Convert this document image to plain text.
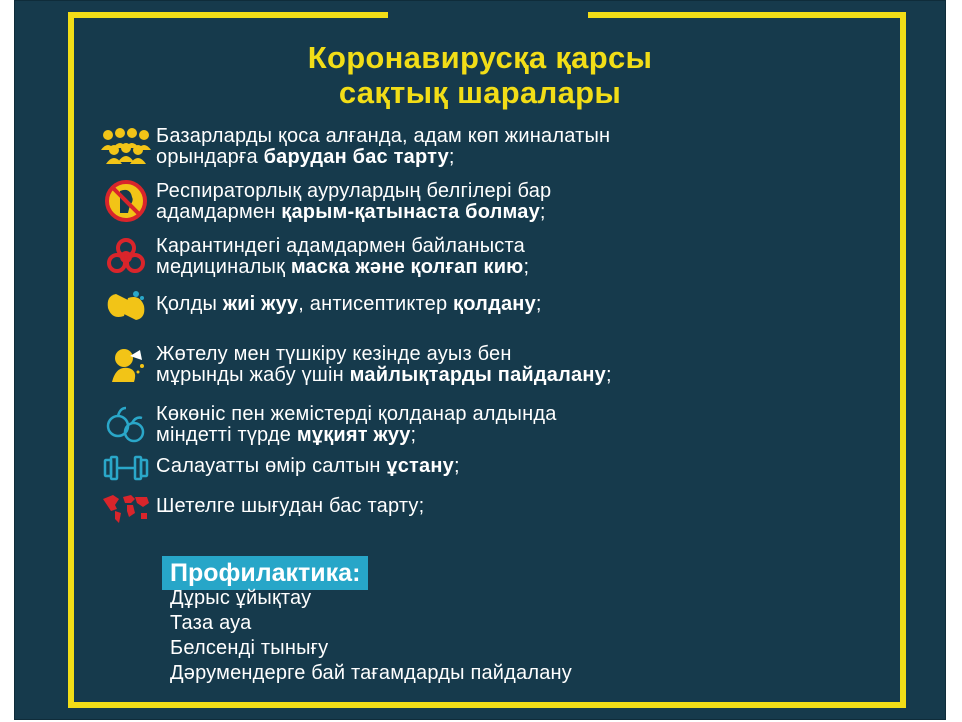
Коронавирусқа қарсы
сақтық шаралары
Базарларды қоса алғанда, адам көп жиналатын
орындарға барудан бас тарту;
Респираторлық аурулардың белгілері бар
адамдармен қарым-қатынаста болмау;
Карантиндегі адамдармен байланыста
медициналық маска және қолғап кию;
Қолды жиі жуу, антисептиктер қолдану;
Жөтелу мен түшкіру кезінде ауыз бен
мұрынды жабу үшін майлықтарды пайдалану;
Көкөніс пен жемістерді қолданар алдында
міндетті түрде мұқият жуу;
Салауатты өмір салтын ұстану;
Шетелге шығудан бас тарту;
Профилактика:
Дұрыс ұйықтау
Таза ауа
Белсенді тынығу
Дәрумендерге бай тағамдарды пайдалану
